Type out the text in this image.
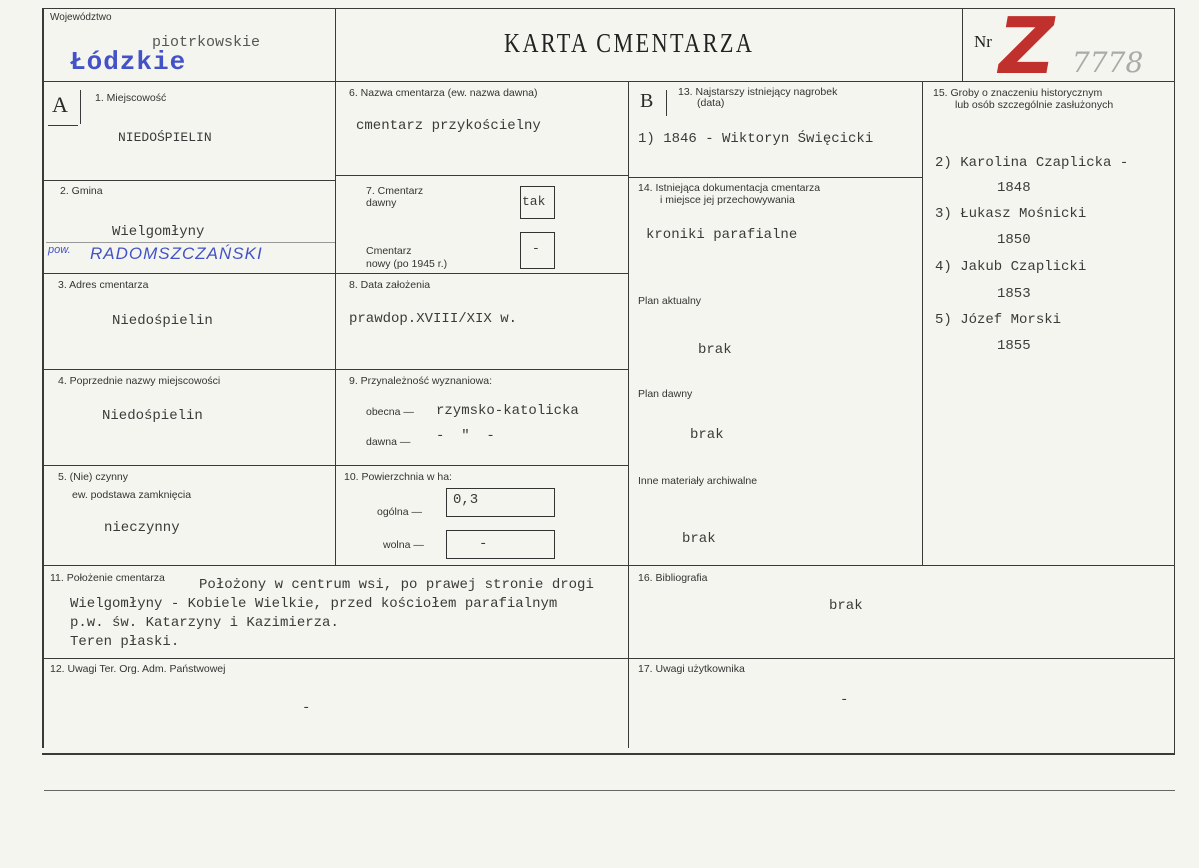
Województwo
piotrkowskie
Łódzkie
KARTA CMENTARZA	Nr
Z 7778
A	1. Miejscowość
NIEDOŚPIELIN
2. Gmina
Wielgomłyny
pow. RADOMSZCZAŃSKI
3. Adres cmentarza
Niedośpielin
4. Poprzednie nazwy miejscowości
Niedośpielin
5. (Nie) czynny
ew. podstawa zamknięcia
nieczynny
6. Nazwa cmentarza (ew. nazwa dawna)
cmentarz przykościelny
7. Cmentarz
dawny	tak
Cmentarz
nowy (po 1945 r.)
-
8. Data założenia
prawdop.XVIII/XIX w.
9. Przynależność wyznaniowa:
obecna — rzymsko-katolicka
dawna — -  "  -
10. Powierzchnia w ha:
ogólna —
0,3
wolna —	-
B 13. Najstarszy istniejący nagrobek
(data)
1) 1846 - Wiktoryn Święcicki
14. Istniejąca dokumentacja cmentarza
i miejsce jej przechowywania
kroniki parafialne
Plan aktualny
brak
Plan dawny
brak
Inne materiały archiwalne
brak
15. Groby o znaczeniu historycznym
lub osób szczególnie zasłużonych
2) Karolina Czaplicka -
1848
3) Łukasz Mośnicki
1850
4) Jakub Czaplicki
1853
5) Józef Morski
1855
11. Położenie cmentarza Położony w centrum wsi, po prawej stronie drogi
Wielgomłyny - Kobiele Wielkie, przed kościołem parafialnym
p.w. św. Katarzyny i Kazimierza.
Teren płaski.
12. Uwagi Ter. Org. Adm. Państwowej
-
16. Bibliografia
brak
17. Uwagi użytkownika
-
